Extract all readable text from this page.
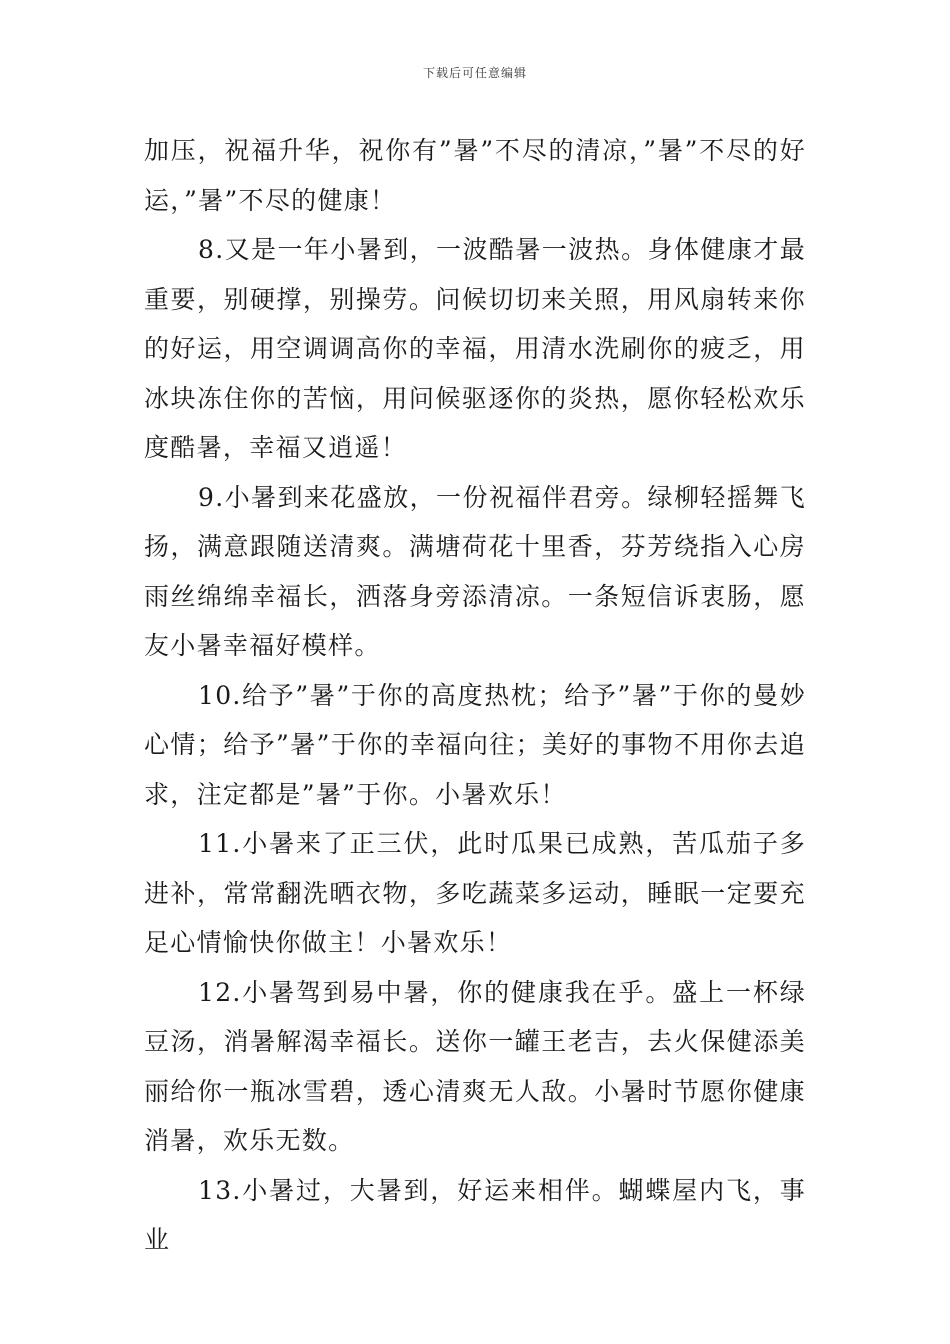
下载后可任意编辑

加压，祝福升华，祝你有”暑”不尽的清凉，”暑”不尽的好运，”暑”不尽的健康！

8.又是一年小暑到，一波酷暑一波热。身体健康才最重要，别硬撑，别操劳。问候切切来关照，用风扇转来你的好运，用空调调高你的幸福，用清水洗刷你的疲乏，用冰块冻住你的苦恼，用问候驱逐你的炎热，愿你轻松欢乐度酷暑，幸福又逍遥！

9.小暑到来花盛放，一份祝福伴君旁。绿柳轻摇舞飞扬，满意跟随送清爽。满塘荷花十里香，芬芳绕指入心房雨丝绵绵幸福长，洒落身旁添清凉。一条短信诉衷肠，愿友小暑幸福好模样。

10.给予”暑”于你的高度热枕；给予”暑”于你的曼妙心情；给予”暑”于你的幸福向往；美好的事物不用你去追求，注定都是”暑”于你。小暑欢乐！

11.小暑来了正三伏，此时瓜果已成熟，苦瓜茄子多进补，常常翻洗晒衣物，多吃蔬菜多运动，睡眠一定要充足心情愉快你做主！小暑欢乐！

12.小暑驾到易中暑，你的健康我在乎。盛上一杯绿豆汤，消暑解渴幸福长。送你一罐王老吉，去火保健添美丽给你一瓶冰雪碧，透心清爽无人敌。小暑时节愿你健康消暑，欢乐无数。

13.小暑过，大暑到，好运来相伴。蝴蝶屋内飞，事业
